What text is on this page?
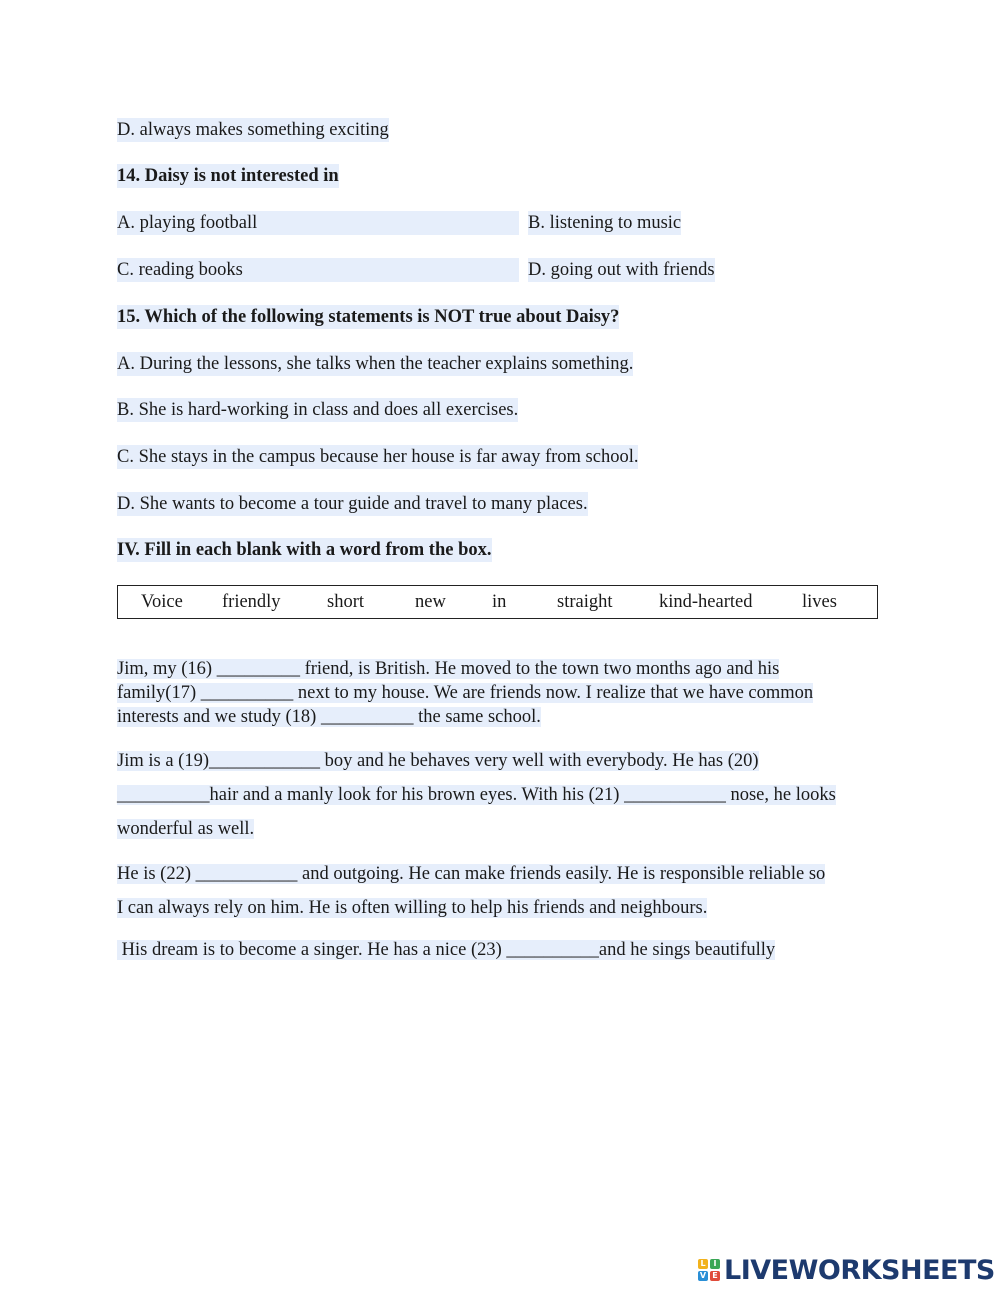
D. always makes something exciting
14. Daisy is not interested in
A. playing football	B. listening to music
C. reading books	D. going out with friends
15. Which of the following statements is NOT true about Daisy?
A. During the lessons, she talks when the teacher explains something.
B. She is hard-working in class and does all exercises.
C. She stays in the campus because her house is far away from school.
D. She wants to become a tour guide and travel to many places.
IV. Fill in each blank with a word from the box.
Voice friendly	short	new in	straight	kind-hearted	lives
Jim, my (16) _________ friend, is British. He moved to the town two months ago and his
family(17) __________ next to my house. We are friends now. I realize that we have common
interests and we study (18) __________ the same school.
Jim is a (19)____________ boy and he behaves very well with everybody. He has (20)
__________hair and a manly look for his brown eyes. With his (21) ___________ nose, he looks
wonderful as well.
He is (22) ___________ and outgoing. He can make friends easily. He is responsible reliable so
I can always rely on him. He is often willing to help his friends and neighbours.
His dream is to become a singer. He has a nice (23) __________and he sings beautifully
L I
V E LIVEWORKSHEETS
